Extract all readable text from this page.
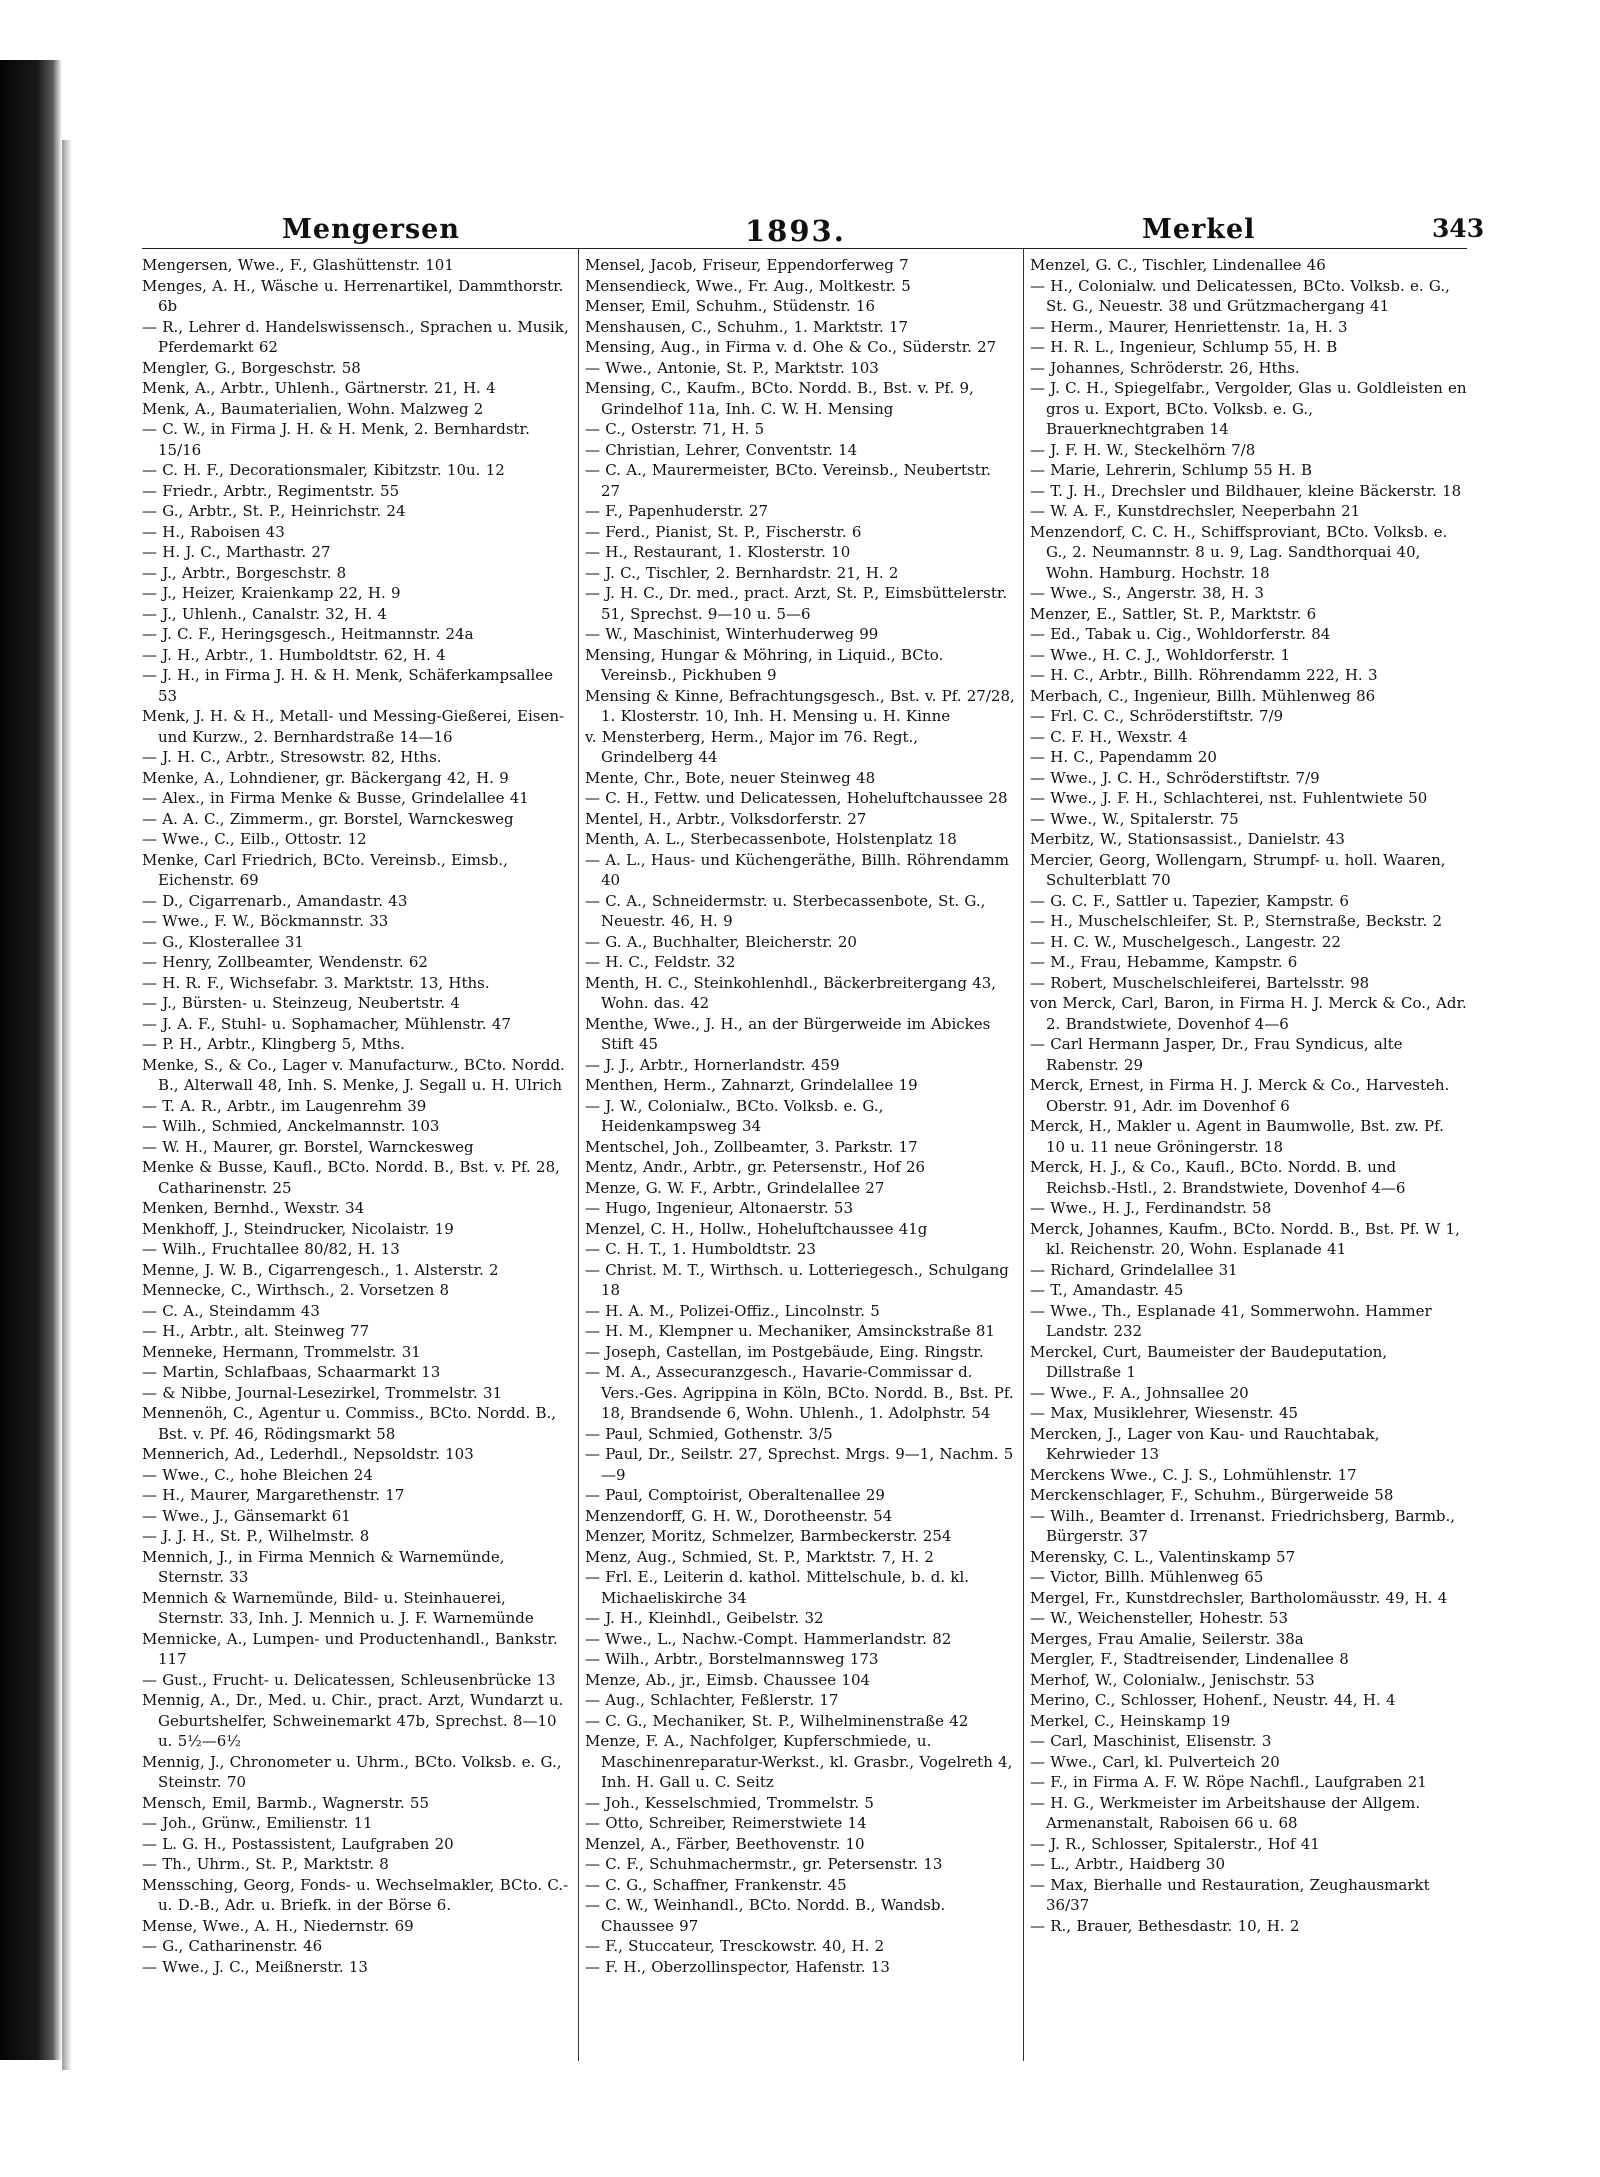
Mengersen	1893.	Merkel	343

Mengersen, Wwe., F., Glashüttenstr. 101

Menges, A. H., Wäsche u. Herrenartikel, Dammthorstr. 6b

— R., Lehrer d. Handelswissensch., Sprachen u. Musik, Pferdemarkt 62

Mengler, G., Borgeschstr. 58

Menk, A., Arbtr., Uhlenh., Gärtnerstr. 21, H. 4

Menk, A., Baumaterialien, Wohn. Malzweg 2

— C. W., in Firma J. H. & H. Menk, 2. Bernhardstr. 15/16

— C. H. F., Decorationsmaler, Kibitzstr. 10u. 12

— Friedr., Arbtr., Regimentstr. 55

— G., Arbtr., St. P., Heinrichstr. 24

— H., Raboisen 43

— H. J. C., Marthastr. 27

— J., Arbtr., Borgeschstr. 8

— J., Heizer, Kraienkamp 22, H. 9

— J., Uhlenh., Canalstr. 32, H. 4

— J. C. F., Heringsgesch., Heitmannstr. 24a

— J. H., Arbtr., 1. Humboldtstr. 62, H. 4

— J. H., in Firma J. H. & H. Menk, Schäferkampsallee 53

Menk, J. H. & H., Metall- und Messing-Gießerei, Eisen- und Kurzw., 2. Bernhardstraße 14—16

— J. H. C., Arbtr., Stresowstr. 82, Hths.

Menke, A., Lohndiener, gr. Bäckergang 42, H. 9

— Alex., in Firma Menke & Busse, Grindelallee 41

— A. A. C., Zimmerm., gr. Borstel, Warnckesweg

— Wwe., C., Eilb., Ottostr. 12

Menke, Carl Friedrich, BCto. Vereinsb., Eimsb., Eichenstr. 69

— D., Cigarrenarb., Amandastr. 43

— Wwe., F. W., Böckmannstr. 33

— G., Klosterallee 31

— Henry, Zollbeamter, Wendenstr. 62

— H. R. F., Wichsefabr. 3. Marktstr. 13, Hths.

— J., Bürsten- u. Steinzeug, Neubertstr. 4

— J. A. F., Stuhl- u. Sophamacher, Mühlenstr. 47

— P. H., Arbtr., Klingberg 5, Mths.

Menke, S., & Co., Lager v. Manufacturw., BCto. Nordd. B., Alterwall 48, Inh. S. Menke, J. Segall u. H. Ulrich

— T. A. R., Arbtr., im Laugenrehm 39

— Wilh., Schmied, Anckelmannstr. 103

— W. H., Maurer, gr. Borstel, Warnckesweg

Menke & Busse, Kaufl., BCto. Nordd. B., Bst. v. Pf. 28, Catharinenstr. 25

Menken, Bernhd., Wexstr. 34

Menkhoff, J., Steindrucker, Nicolaistr. 19

— Wilh., Fruchtallee 80/82, H. 13

Menne, J. W. B., Cigarrengesch., 1. Alsterstr. 2

Mennecke, C., Wirthsch., 2. Vorsetzen 8

— C. A., Steindamm 43

— H., Arbtr., alt. Steinweg 77

Menneke, Hermann, Trommelstr. 31

— Martin, Schlafbaas, Schaarmarkt 13

— & Nibbe, Journal-Lesezirkel, Trommelstr. 31

Mennenöh, C., Agentur u. Commiss., BCto. Nordd. B., Bst. v. Pf. 46, Rödingsmarkt 58

Mennerich, Ad., Lederhdl., Nepsoldstr. 103

— Wwe., C., hohe Bleichen 24

— H., Maurer, Margarethenstr. 17

— Wwe., J., Gänsemarkt 61

— J. J. H., St. P., Wilhelmstr. 8

Mennich, J., in Firma Mennich & Warnemünde, Sternstr. 33

Mennich & Warnemünde, Bild- u. Steinhauerei, Sternstr. 33, Inh. J. Mennich u. J. F. Warnemünde

Mennicke, A., Lumpen- und Productenhandl., Bankstr. 117

— Gust., Frucht- u. Delicatessen, Schleusenbrücke 13

Mennig, A., Dr., Med. u. Chir., pract. Arzt, Wundarzt u. Geburtshelfer, Schweinemarkt 47b, Sprechst. 8—10 u. 5½—6½

Mennig, J., Chronometer u. Uhrm., BCto. Volksb. e. G., Steinstr. 70

Mensch, Emil, Barmb., Wagnerstr. 55

— Joh., Grünw., Emilienstr. 11

— L. G. H., Postassistent, Laufgraben 20

— Th., Uhrm., St. P., Marktstr. 8

Menssching, Georg, Fonds- u. Wechselmakler, BCto. C.- u. D.-B., Adr. u. Briefk. in der Börse 6.

Mense, Wwe., A. H., Niedernstr. 69

— G., Catharinenstr. 46

— Wwe., J. C., Meißnerstr. 13

Mensel, Jacob, Friseur, Eppendorferweg 7

Mensendieck, Wwe., Fr. Aug., Moltkestr. 5

Menser, Emil, Schuhm., Stüdenstr. 16

Menshausen, C., Schuhm., 1. Marktstr. 17

Mensing, Aug., in Firma v. d. Ohe & Co., Süderstr. 27

— Wwe., Antonie, St. P., Marktstr. 103

Mensing, C., Kaufm., BCto. Nordd. B., Bst. v. Pf. 9, Grindelhof 11a, Inh. C. W. H. Mensing

— C., Osterstr. 71, H. 5

— Christian, Lehrer, Conventstr. 14

— C. A., Maurermeister, BCto. Vereinsb., Neubertstr. 27

— F., Papenhuderstr. 27

— Ferd., Pianist, St. P., Fischerstr. 6

— H., Restaurant, 1. Klosterstr. 10

— J. C., Tischler, 2. Bernhardstr. 21, H. 2

— J. H. C., Dr. med., pract. Arzt, St. P., Eimsbüttelerstr. 51, Sprechst. 9—10 u. 5—6

— W., Maschinist, Winterhuderweg 99

Mensing, Hungar & Möhring, in Liquid., BCto. Vereinsb., Pickhuben 9

Mensing & Kinne, Befrachtungsgesch., Bst. v. Pf. 27/28, 1. Klosterstr. 10, Inh. H. Mensing u. H. Kinne

v. Mensterberg, Herm., Major im 76. Regt., Grindelberg 44

Mente, Chr., Bote, neuer Steinweg 48

— C. H., Fettw. und Delicatessen, Hoheluftchaussee 28

Mentel, H., Arbtr., Volksdorferstr. 27

Menth, A. L., Sterbecassenbote, Holstenplatz 18

— A. L., Haus- und Küchengeräthe, Billh. Röhrendamm 40

— C. A., Schneidermstr. u. Sterbecassenbote, St. G., Neuestr. 46, H. 9

— G. A., Buchhalter, Bleicherstr. 20

— H. C., Feldstr. 32

Menth, H. C., Steinkohlenhdl., Bäckerbreitergang 43, Wohn. das. 42

Menthe, Wwe., J. H., an der Bürgerweide im Abickes Stift 45

— J. J., Arbtr., Hornerlandstr. 459

Menthen, Herm., Zahnarzt, Grindelallee 19

— J. W., Colonialw., BCto. Volksb. e. G., Heidenkampsweg 34

Mentschel, Joh., Zollbeamter, 3. Parkstr. 17

Mentz, Andr., Arbtr., gr. Petersenstr., Hof 26

Menze, G. W. F., Arbtr., Grindelallee 27

— Hugo, Ingenieur, Altonaerstr. 53

Menzel, C. H., Hollw., Hoheluftchaussee 41g

— C. H. T., 1. Humboldtstr. 23

— Christ. M. T., Wirthsch. u. Lotteriegesch., Schulgang 18

— H. A. M., Polizei-Offiz., Lincolnstr. 5

— H. M., Klempner u. Mechaniker, Amsinckstraße 81

— Joseph, Castellan, im Postgebäude, Eing. Ringstr.

— M. A., Assecuranzgesch., Havarie-Commissar d. Vers.-Ges. Agrippina in Köln, BCto. Nordd. B., Bst. Pf. 18, Brandsende 6, Wohn. Uhlenh., 1. Adolphstr. 54

— Paul, Schmied, Gothenstr. 3/5

— Paul, Dr., Seilstr. 27, Sprechst. Mrgs. 9—1, Nachm. 5—9

— Paul, Comptoirist, Oberaltenallee 29

Menzendorff, G. H. W., Dorotheenstr. 54

Menzer, Moritz, Schmelzer, Barmbeckerstr. 254

Menz, Aug., Schmied, St. P., Marktstr. 7, H. 2

— Frl. E., Leiterin d. kathol. Mittelschule, b. d. kl. Michaeliskirche 34

— J. H., Kleinhdl., Geibelstr. 32

— Wwe., L., Nachw.-Compt. Hammerlandstr. 82

— Wilh., Arbtr., Borstelmannsweg 173

Menze, Ab., jr., Eimsb. Chaussee 104

— Aug., Schlachter, Feßlerstr. 17

— C. G., Mechaniker, St. P., Wilhelminenstraße 42

Menze, F. A., Nachfolger, Kupferschmiede, u. Maschinenreparatur-Werkst., kl. Grasbr., Vogelreth 4, Inh. H. Gall u. C. Seitz

— Joh., Kesselschmied, Trommelstr. 5

— Otto, Schreiber, Reimerstwiete 14

Menzel, A., Färber, Beethovenstr. 10

— C. F., Schuhmachermstr., gr. Petersenstr. 13

— C. G., Schaffner, Frankenstr. 45

— C. W., Weinhandl., BCto. Nordd. B., Wandsb. Chaussee 97

— F., Stuccateur, Tresckowstr. 40, H. 2

— F. H., Oberzollinspector, Hafenstr. 13

Menzel, G. C., Tischler, Lindenallee 46

— H., Colonialw. und Delicatessen, BCto. Volksb. e. G., St. G., Neuestr. 38 und Grützmachergang 41

— Herm., Maurer, Henriettenstr. 1a, H. 3

— H. R. L., Ingenieur, Schlump 55, H. B

— Johannes, Schröderstr. 26, Hths.

— J. C. H., Spiegelfabr., Vergolder, Glas u. Goldleisten en gros u. Export, BCto. Volksb. e. G., Brauerknechtgraben 14

— J. F. H. W., Steckelhörn 7/8

— Marie, Lehrerin, Schlump 55 H. B

— T. J. H., Drechsler und Bildhauer, kleine Bäckerstr. 18

— W. A. F., Kunstdrechsler, Neeperbahn 21

Menzendorf, C. C. H., Schiffsproviant, BCto. Volksb. e. G., 2. Neumannstr. 8 u. 9, Lag. Sandthorquai 40, Wohn. Hamburg. Hochstr. 18

— Wwe., S., Angerstr. 38, H. 3

Menzer, E., Sattler, St. P., Marktstr. 6

— Ed., Tabak u. Cig., Wohldorferstr. 84

— Wwe., H. C. J., Wohldorferstr. 1

— H. C., Arbtr., Billh. Röhrendamm 222, H. 3

Merbach, C., Ingenieur, Billh. Mühlenweg 86

— Frl. C. C., Schröderstiftstr. 7/9

— C. F. H., Wexstr. 4

— H. C., Papendamm 20

— Wwe., J. C. H., Schröderstiftstr. 7/9

— Wwe., J. F. H., Schlachterei, nst. Fuhlentwiete 50

— Wwe., W., Spitalerstr. 75

Merbitz, W., Stationsassist., Danielstr. 43

Mercier, Georg, Wollengarn, Strumpf- u. holl. Waaren, Schulterblatt 70

— G. C. F., Sattler u. Tapezier, Kampstr. 6

— H., Muschelschleifer, St. P., Sternstraße, Beckstr. 2

— H. C. W., Muschelgesch., Langestr. 22

— M., Frau, Hebamme, Kampstr. 6

— Robert, Muschelschleiferei, Bartelsstr. 98

von Merck, Carl, Baron, in Firma H. J. Merck & Co., Adr. 2. Brandstwiete, Dovenhof 4—6

— Carl Hermann Jasper, Dr., Frau Syndicus, alte Rabenstr. 29

Merck, Ernest, in Firma H. J. Merck & Co., Harvesteh. Oberstr. 91, Adr. im Dovenhof 6

Merck, H., Makler u. Agent in Baumwolle, Bst. zw. Pf. 10 u. 11 neue Gröningerstr. 18

Merck, H. J., & Co., Kaufl., BCto. Nordd. B. und Reichsb.-Hstl., 2. Brandstwiete, Dovenhof 4—6

— Wwe., H. J., Ferdinandstr. 58

Merck, Johannes, Kaufm., BCto. Nordd. B., Bst. Pf. W 1, kl. Reichenstr. 20, Wohn. Esplanade 41

— Richard, Grindelallee 31

— T., Amandastr. 45

— Wwe., Th., Esplanade 41, Sommerwohn. Hammer Landstr. 232

Merckel, Curt, Baumeister der Baudeputation, Dillstraße 1

— Wwe., F. A., Johnsallee 20

— Max, Musiklehrer, Wiesenstr. 45

Mercken, J., Lager von Kau- und Rauchtabak, Kehrwieder 13

Merckens Wwe., C. J. S., Lohmühlenstr. 17

Merckenschlager, F., Schuhm., Bürgerweide 58

— Wilh., Beamter d. Irrenanst. Friedrichsberg, Barmb., Bürgerstr. 37

Merensky, C. L., Valentinskamp 57

— Victor, Billh. Mühlenweg 65

Mergel, Fr., Kunstdrechsler, Bartholomäusstr. 49, H. 4

— W., Weichensteller, Hohestr. 53

Merges, Frau Amalie, Seilerstr. 38a

Mergler, F., Stadtreisender, Lindenallee 8

Merhof, W., Colonialw., Jenischstr. 53

Merino, C., Schlosser, Hohenf., Neustr. 44, H. 4

Merkel, C., Heinskamp 19

— Carl, Maschinist, Elisenstr. 3

— Wwe., Carl, kl. Pulverteich 20

— F., in Firma A. F. W. Röpe Nachfl., Laufgraben 21

— H. G., Werkmeister im Arbeitshause der Allgem. Armenanstalt, Raboisen 66 u. 68

— J. R., Schlosser, Spitalerstr., Hof 41

— L., Arbtr., Haidberg 30

— Max, Bierhalle und Restauration, Zeughausmarkt 36/37

— R., Brauer, Bethesdastr. 10, H. 2
